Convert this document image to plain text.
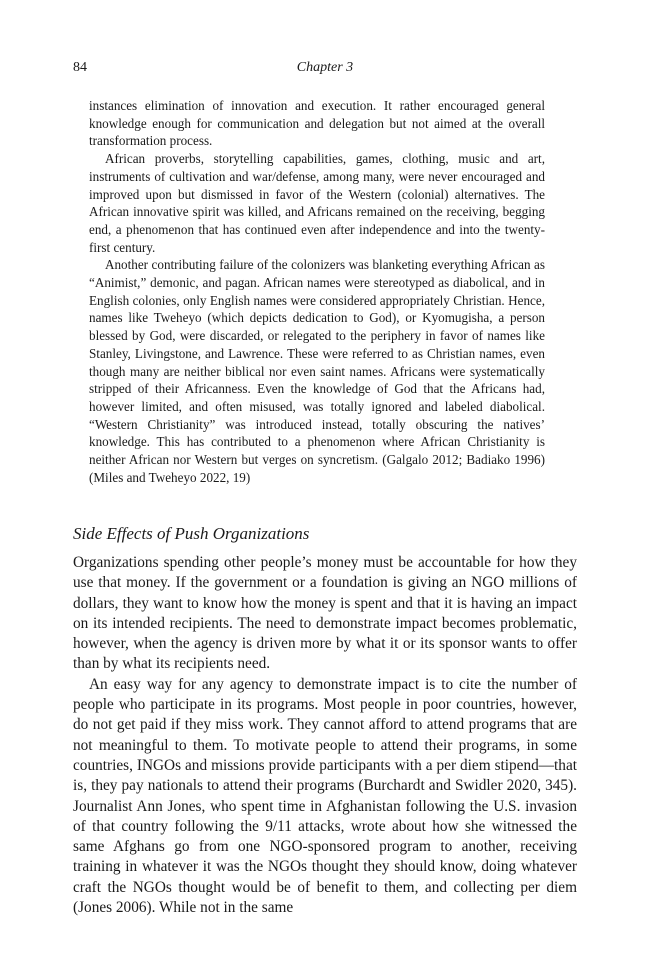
84	Chapter 3

instances elimination of innovation and execution. It rather encouraged general knowledge enough for communication and delegation but not aimed at the overall transformation process.

African proverbs, storytelling capabilities, games, clothing, music and art, instruments of cultivation and war/defense, among many, were never encouraged and improved upon but dismissed in favor of the Western (colonial) alternatives. The African innovative spirit was killed, and Africans remained on the receiving, begging end, a phenomenon that has continued even after independence and into the twenty-first century.

Another contributing failure of the colonizers was blanketing everything African as “Animist,” demonic, and pagan. African names were stereotyped as diabolical, and in English colonies, only English names were considered appropriately Christian. Hence, names like Tweheyo (which depicts dedication to God), or Kyomugisha, a person blessed by God, were discarded, or relegated to the periphery in favor of names like Stanley, Livingstone, and Lawrence. These were referred to as Christian names, even though many are neither biblical nor even saint names. Africans were systematically stripped of their Africanness. Even the knowledge of God that the Africans had, however limited, and often misused, was totally ignored and labeled diabolical. “Western Christianity” was introduced instead, totally obscuring the natives’ knowledge. This has contributed to a phenomenon where African Christianity is neither African nor Western but verges on syncretism. (Galgalo 2012; Badiako 1996) (Miles and Tweheyo 2022, 19)

Side Effects of Push Organizations

Organizations spending other people’s money must be accountable for how they use that money. If the government or a foundation is giving an NGO millions of dollars, they want to know how the money is spent and that it is having an impact on its intended recipients. The need to demonstrate impact becomes problematic, however, when the agency is driven more by what it or its sponsor wants to offer than by what its recipients need.

An easy way for any agency to demonstrate impact is to cite the number of people who participate in its programs. Most people in poor countries, however, do not get paid if they miss work. They cannot afford to attend programs that are not meaningful to them. To motivate people to attend their programs, in some countries, INGOs and missions provide participants with a per diem stipend—that is, they pay nationals to attend their programs (Burchardt and Swidler 2020, 345). Journalist Ann Jones, who spent time in Afghanistan following the U.S. invasion of that country following the 9/11 attacks, wrote about how she witnessed the same Afghans go from one NGO-sponsored program to another, receiving training in whatever it was the NGOs thought they should know, doing whatever craft the NGOs thought would be of benefit to them, and collecting per diem (Jones 2006). While not in the same
